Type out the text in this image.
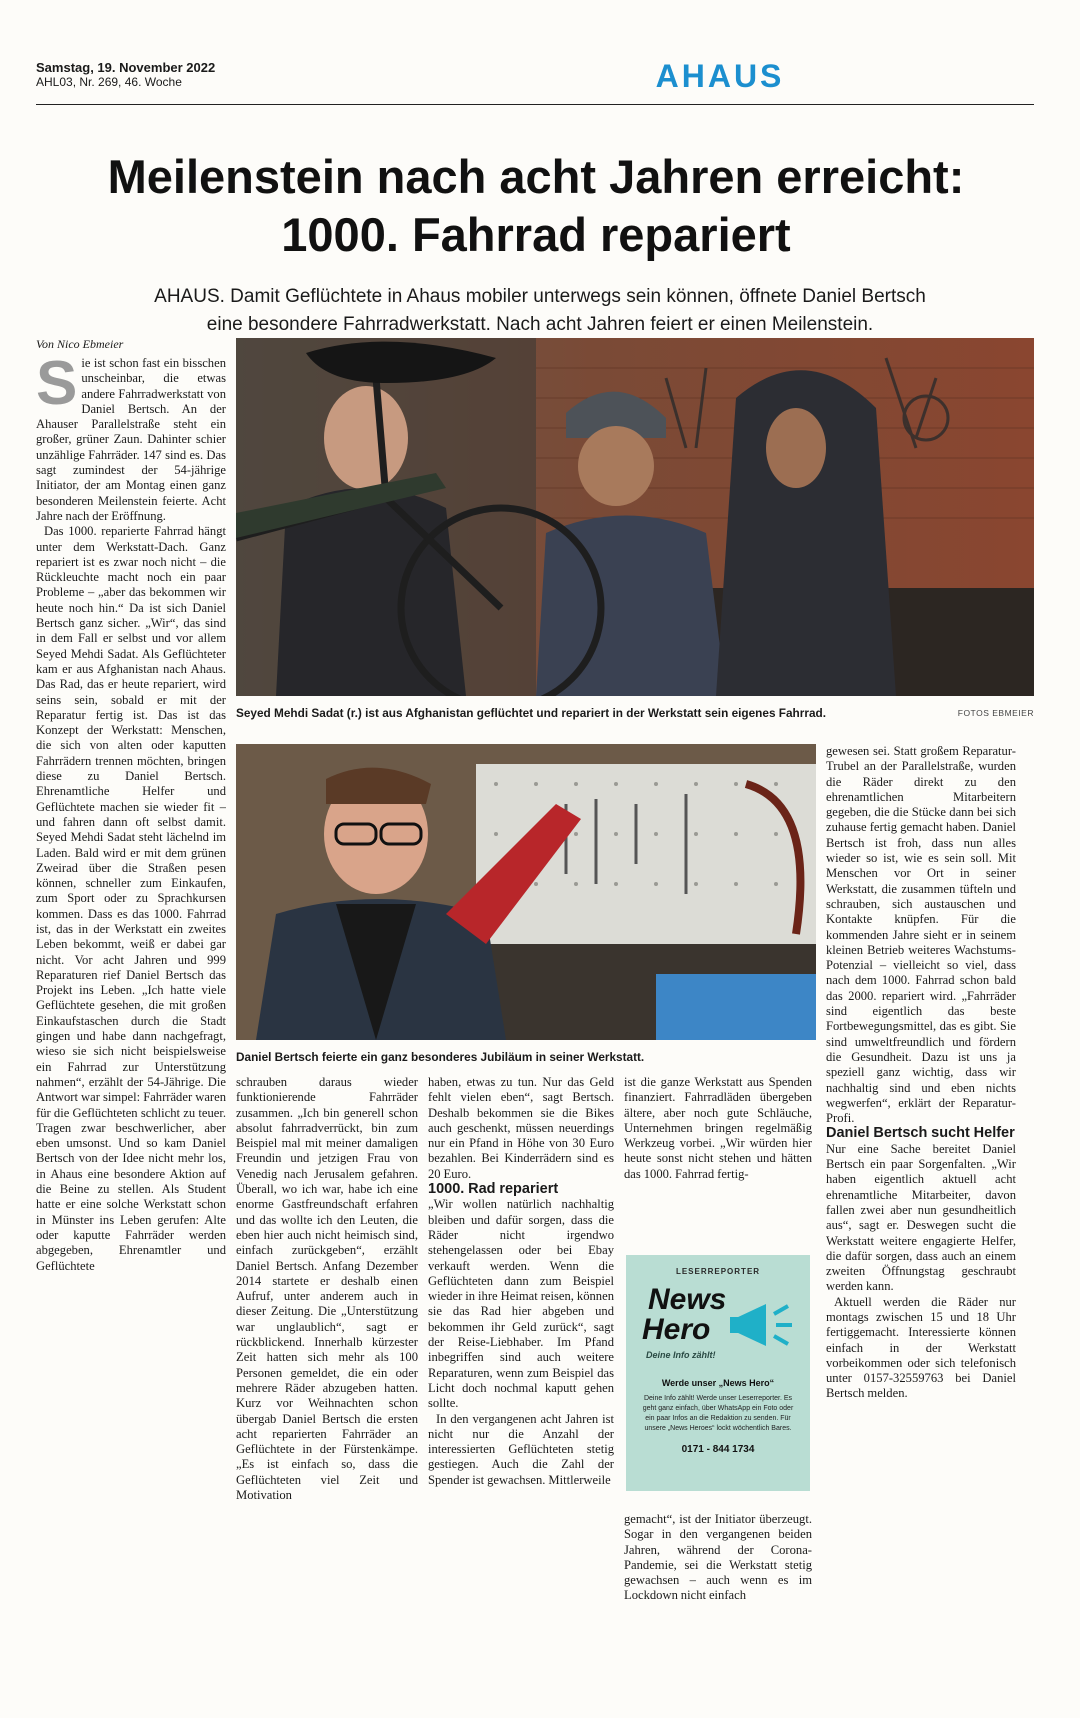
Samstag, 19. November 2022
AHL03, Nr. 269, 46. Woche	AHAUS
Meilenstein nach acht Jahren erreicht:
1000. Fahrrad repariert
AHAUS. Damit Geflüchtete in Ahaus mobiler unterwegs sein können, öffnete Daniel Bertsch
eine besondere Fahrradwerkstatt. Nach acht Jahren feiert er einen Meilenstein.
Von Nico Ebmeier

Sie ist schon fast ein bisschen unscheinbar, die etwas andere Fahrradwerkstatt von Daniel Bertsch. An der Ahauser Parallelstraße steht ein großer, grüner Zaun. Dahinter schier unzählige Fahrräder. 147 sind es. Das sagt zumindest der 54-jährige Initiator, der am Montag einen ganz besonderen Meilenstein feierte. Acht Jahre nach der Eröffnung.

Das 1000. reparierte Fahrrad hängt unter dem Werkstatt-Dach. Ganz repariert ist es zwar noch nicht – die Rückleuchte macht noch ein paar Probleme – „aber das bekommen wir heute noch hin.“ Da ist sich Daniel Bertsch ganz sicher. „Wir“, das sind in dem Fall er selbst und vor allem Seyed Mehdi Sadat. Als Geflüchteter kam er aus Afghanistan nach Ahaus. Das Rad, das er heute repariert, wird seins sein, sobald er mit der Reparatur fertig ist. Das ist das Konzept der Werkstatt: Menschen, die sich von alten oder kaputten Fahrrädern trennen möchten, bringen diese zu Daniel Bertsch. Ehrenamtliche Helfer und Geflüchtete machen sie wieder fit – und fahren dann oft selbst damit. Seyed Mehdi Sadat steht lächelnd im Laden. Bald wird er mit dem grünen Zweirad über die Straßen pesen können, schneller zum Einkaufen, zum Sport oder zu Sprachkursen kommen. Dass es das 1000. Fahrrad ist, das in der Werkstatt ein zweites Leben bekommt, weiß er dabei gar nicht. Vor acht Jahren und 999 Reparaturen rief Daniel Bertsch das Projekt ins Leben. „Ich hatte viele Geflüchtete gesehen, die mit großen Einkaufstaschen durch die Stadt gingen und habe dann nachgefragt, wieso sie sich nicht beispielsweise ein Fahrrad zur Unterstützung nahmen“, erzählt der 54-Jährige. Die Antwort war simpel: Fahrräder waren für die Geflüchteten schlicht zu teuer. Tragen zwar beschwerlicher, aber eben umsonst. Und so kam Daniel Bertsch von der Idee nicht mehr los, in Ahaus eine besondere Aktion auf die Beine zu stellen. Als Student hatte er eine solche Werkstatt schon in Münster ins Leben gerufen: Alte oder kaputte Fahrräder werden abgegeben, Ehrenamtler und Geflüchtete

Seyed Mehdi Sadat (r.) ist aus Afghanistan geflüchtet und repariert in der Werkstatt sein eigenes Fahrrad.	FOTOS EBMEIER
Daniel Bertsch feierte ein ganz besonderes Jubiläum in seiner Werkstatt.

schrauben daraus wieder funktionierende Fahrräder zusammen. „Ich bin generell schon absolut fahrradverrückt, bin zum Beispiel mal mit meiner damaligen Freundin und jetzigen Frau von Venedig nach Jerusalem gefahren. Überall, wo ich war, habe ich eine enorme Gastfreundschaft erfahren und das wollte ich den Leuten, die eben hier auch nicht heimisch sind, einfach zurückgeben“, erzählt Daniel Bertsch. Anfang Dezember 2014 startete er deshalb einen Aufruf, unter anderem auch in dieser Zeitung. Die „Unterstützung war unglaublich“, sagt er rückblickend. Innerhalb kürzester Zeit hatten sich mehr als 100 Personen gemeldet, die ein oder mehrere Räder abzugeben hatten. Kurz vor Weihnachten schon übergab Daniel Bertsch die ersten acht reparierten Fahrräder an Geflüchtete in der Fürstenkämpe. „Es ist einfach so, dass die Geflüchteten viel Zeit und Motivation

haben, etwas zu tun. Nur das Geld fehlt vielen eben“, sagt Bertsch. Deshalb bekommen sie die Bikes auch geschenkt, müssen neuerdings nur ein Pfand in Höhe von 30 Euro bezahlen. Bei Kinderrädern sind es 20 Euro.

1000. Rad repariert

„Wir wollen natürlich nachhaltig bleiben und dafür sorgen, dass die Räder nicht irgendwo stehengelassen oder bei Ebay verkauft werden. Wenn die Geflüchteten dann zum Beispiel wieder in ihre Heimat reisen, können sie das Rad hier abgeben und bekommen ihr Geld zurück“, sagt der Reise-Liebhaber. Im Pfand inbegriffen sind auch weitere Reparaturen, wenn zum Beispiel das Licht doch nochmal kaputt gehen sollte.

In den vergangenen acht Jahren ist nicht nur die Anzahl der interessierten Geflüchteten stetig gestiegen. Auch die Zahl der Spender ist gewachsen. Mittlerweile

ist die ganze Werkstatt aus Spenden finanziert. Fahrradläden übergeben ältere, aber noch gute Schläuche, Unternehmen bringen regelmäßig Werkzeug vorbei. „Wir würden hier heute sonst nicht stehen und hätten das 1000. Fahrrad fertig-

LESERREPORTER
News
Hero
Deine Info zählt!
Werde unser „News Hero“
Deine Info zählt! Werde unser Leserreporter. Es geht ganz einfach, über WhatsApp ein Foto oder ein paar Infos an die Redaktion zu senden. Für unsere „News Heroes“ lockt wöchentlich Bares.
0171 - 844 1734

gemacht“, ist der Initiator überzeugt. Sogar in den vergangenen beiden Jahren, während der Corona-Pandemie, sei die Werkstatt stetig gewachsen – auch wenn es im Lockdown nicht einfach

gewesen sei. Statt großem Reparatur-Trubel an der Parallelstraße, wurden die Räder direkt zu den ehrenamtlichen Mitarbeitern gegeben, die die Stücke dann bei sich zuhause fertig gemacht haben. Daniel Bertsch ist froh, dass nun alles wieder so ist, wie es sein soll. Mit Menschen vor Ort in seiner Werkstatt, die zusammen tüfteln und schrauben, sich austauschen und Kontakte knüpfen. Für die kommenden Jahre sieht er in seinem kleinen Betrieb weiteres Wachstums-Potenzial – vielleicht so viel, dass nach dem 1000. Fahrrad schon bald das 2000. repariert wird. „Fahrräder sind eigentlich das beste Fortbewegungsmittel, das es gibt. Sie sind umweltfreundlich und fördern die Gesundheit. Dazu ist uns ja speziell ganz wichtig, dass wir nachhaltig sind und eben nichts wegwerfen“, erklärt der Reparatur-Profi.

Daniel Bertsch sucht Helfer

Nur eine Sache bereitet Daniel Bertsch ein paar Sorgenfalten. „Wir haben eigentlich aktuell acht ehrenamtliche Mitarbeiter, davon fallen zwei aber nun gesundheitlich aus“, sagt er. Deswegen sucht die Werkstatt weitere engagierte Helfer, die dafür sorgen, dass auch an einem zweiten Öffnungstag geschraubt werden kann.

Aktuell werden die Räder nur montags zwischen 15 und 18 Uhr fertiggemacht. Interessierte können einfach in der Werkstatt vorbeikommen oder sich telefonisch unter 0157-32559763 bei Daniel Bertsch melden.
